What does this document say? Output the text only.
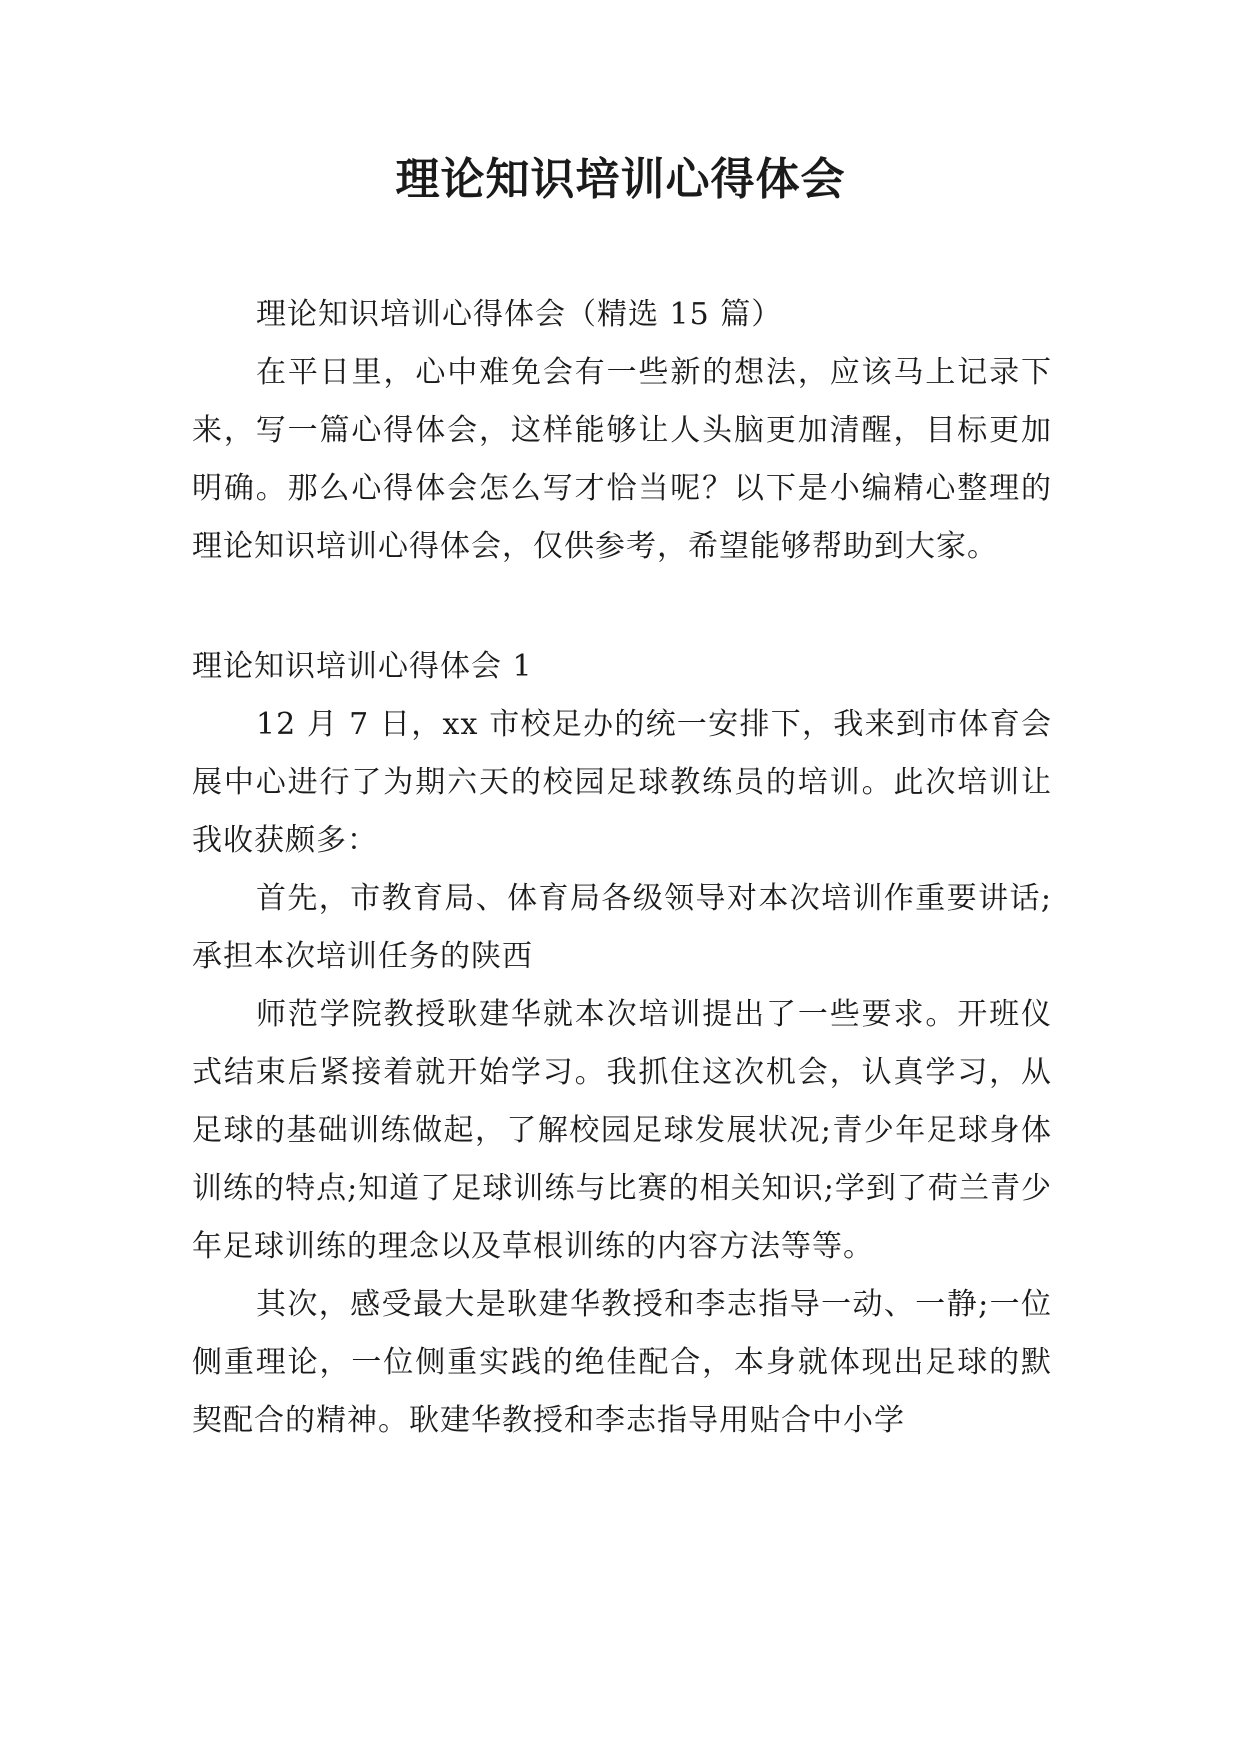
理论知识培训心得体会

理论知识培训心得体会（精选 15 篇）

在平日里，心中难免会有一些新的想法，应该马上记录下来，写一篇心得体会，这样能够让人头脑更加清醒，目标更加明确。那么心得体会怎么写才恰当呢？以下是小编精心整理的理论知识培训心得体会，仅供参考，希望能够帮助到大家。

理论知识培训心得体会 1

12 月 7 日，xx 市校足办的统一安排下，我来到市体育会展中心进行了为期六天的校园足球教练员的培训。此次培训让我收获颇多：

首先，市教育局、体育局各级领导对本次培训作重要讲话;承担本次培训任务的陕西

师范学院教授耿建华就本次培训提出了一些要求。开班仪式结束后紧接着就开始学习。我抓住这次机会，认真学习，从足球的基础训练做起，了解校园足球发展状况;青少年足球身体训练的特点;知道了足球训练与比赛的相关知识;学到了荷兰青少年足球训练的理念以及草根训练的内容方法等等。

其次，感受最大是耿建华教授和李志指导一动、一静;一位侧重理论，一位侧重实践的绝佳配合，本身就体现出足球的默契配合的精神。耿建华教授和李志指导用贴合中小学
